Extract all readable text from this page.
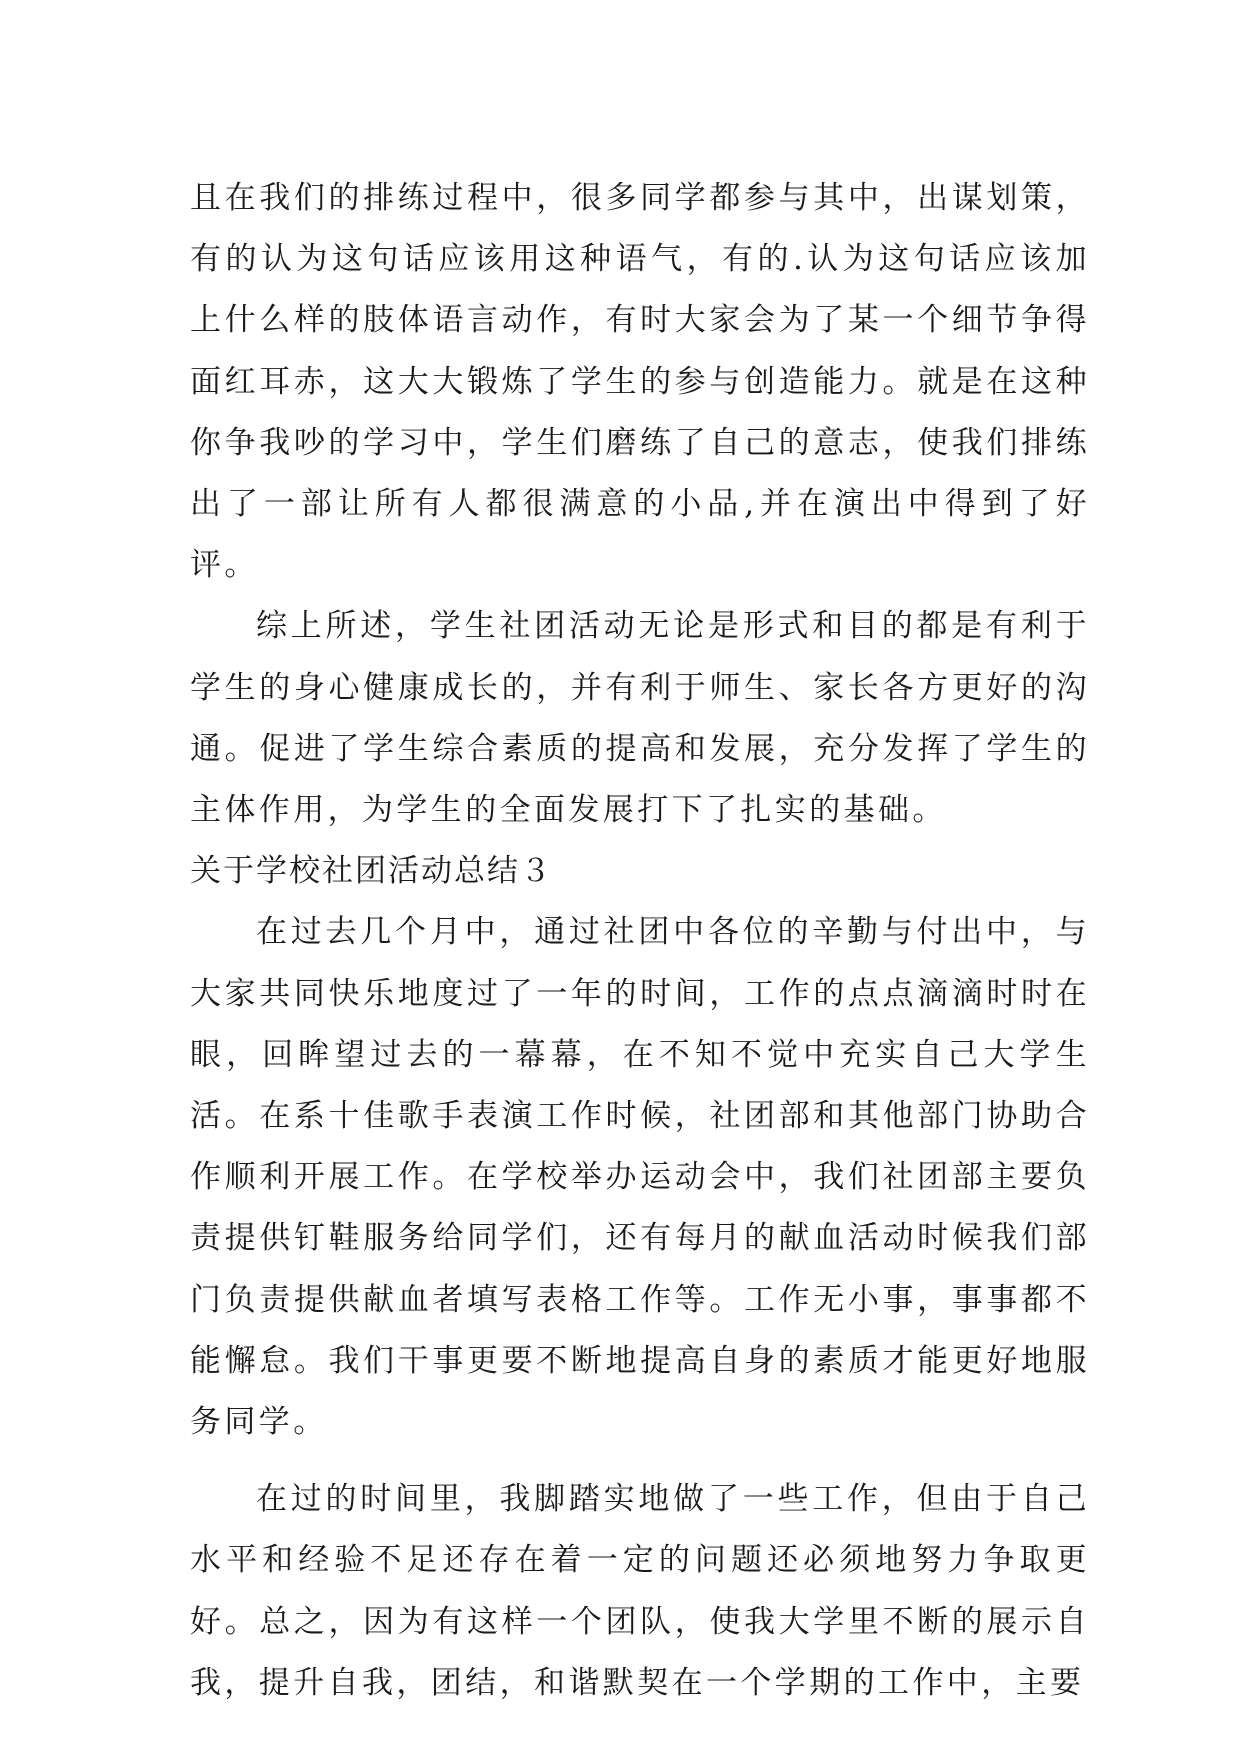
且在我们的排练过程中，很多同学都参与其中，出谋划策，有的认为这句话应该用这种语气，有的.认为这句话应该加上什么样的肢体语言动作，有时大家会为了某一个细节争得面红耳赤，这大大锻炼了学生的参与创造能力。就是在这种你争我吵的学习中，学生们磨练了自己的意志，使我们排练出了一部让所有人都很满意的小品,并在演出中得到了好评。

综上所述，学生社团活动无论是形式和目的都是有利于学生的身心健康成长的，并有利于师生、家长各方更好的沟通。促进了学生综合素质的提高和发展，充分发挥了学生的主体作用，为学生的全面发展打下了扎实的基础。

关于学校社团活动总结３

在过去几个月中，通过社团中各位的辛勤与付出中，与大家共同快乐地度过了一年的时间，工作的点点滴滴时时在眼，回眸望过去的一幕幕，在不知不觉中充实自己大学生活。在系十佳歌手表演工作时候，社团部和其他部门协助合作顺利开展工作。在学校举办运动会中，我们社团部主要负责提供钉鞋服务给同学们，还有每月的献血活动时候我们部门负责提供献血者填写表格工作等。工作无小事，事事都不能懈怠。我们干事更要不断地提高自身的素质才能更好地服务同学。

在过的时间里，我脚踏实地做了一些工作，但由于自己水平和经验不足还存在着一定的问题还必须地努力争取更好。总之，因为有这样一个团队，使我大学里不断的展示自我，提升自我，团结，和谐默契在一个学期的工作中，主要
